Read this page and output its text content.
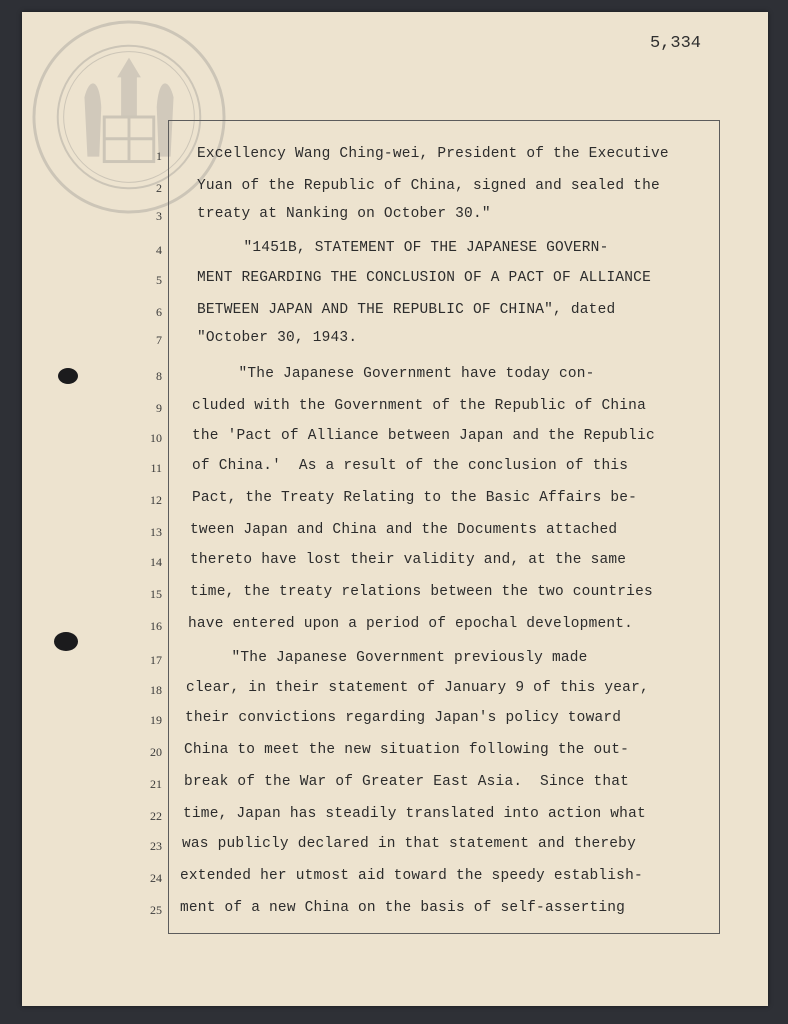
5,334
1 Excellency Wang Ching-wei, President of the Executive
2 Yuan of the Republic of China, signed and sealed the
3 treaty at Nanking on October 30."
4	"1451B, STATEMENT OF THE JAPANESE GOVERN-
5 MENT REGARDING THE CONCLUSION OF A PACT OF ALLIANCE
6 BETWEEN JAPAN AND THE REPUBLIC OF CHINA", dated
7 "October 30, 1943.
8 "The Japanese Government have today con-
9 cluded with the Government of the Republic of China
10 the 'Pact of Alliance between Japan and the Republic
11 of China.'  As a result of the conclusion of this
12 Pact, the Treaty Relating to the Basic Affairs be-
13 tween Japan and China and the Documents attached
14 thereto have lost their validity and, at the same
15 time, the treaty relations between the two countries
16 have entered upon a period of epochal development.
17 "The Japanese Government previously made
18 clear, in their statement of January 9 of this year,
19 their convictions regarding Japan's policy toward
20 China to meet the new situation following the out-
21 break of the War of Greater East Asia.  Since that
22 time, Japan has steadily translated into action what
23 was publicly declared in that statement and thereby
24 extended her utmost aid toward the speedy establish-
25 ment of a new China on the basis of self-asserting
